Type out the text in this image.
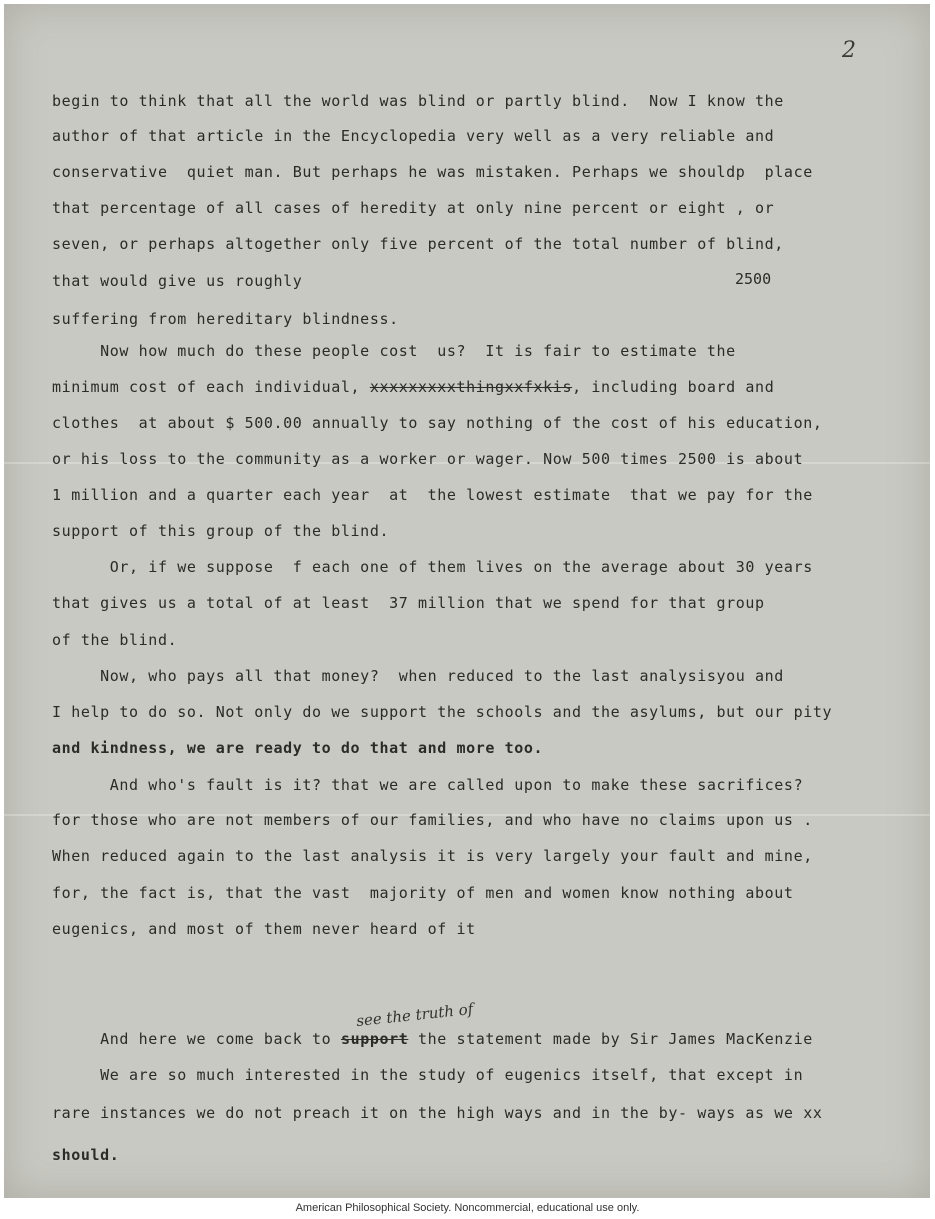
2
begin to think that all the world was blind or partly blind.  Now I know the
author of that article in the Encyclopedia very well as a very reliable and
conservative  quiet man. But perhaps he was mistaken. Perhaps we shouldp  place
that percentage of all cases of heredity at only nine percent or eight , or
seven, or perhaps altogether only five percent of the total number of blind,
that would give us roughly	2500
suffering from hereditary blindness.
Now how much do these people cost  us?  It is fair to estimate the
minimum cost of each individual, xxxxxxxxxthingxxfxkis, including board and
clothes  at about $ 500.00 annually to say nothing of the cost of his education,
or his loss to the community as a worker or wager. Now 500 times 2500 is about
1 million and a quarter each year  at  the lowest estimate  that we pay for the
support of this group of the blind.
Or, if we suppose  f each one of them lives on the average about 30 years
that gives us a total of at least  37 million that we spend for that group
of the blind.
Now, who pays all that money?  when reduced to the last analysisyou and
I help to do so. Not only do we support the schools and the asylums, but our pity
and kindness, we are ready to do that and more too.
And who's fault is it? that we are called upon to make these sacrifices?
for those who are not members of our families, and who have no claims upon us .
When reduced again to the last analysis it is very largely your fault and mine,
for, the fact is, that the vast  majority of men and women know nothing about
eugenics, and most of them never heard of it
see the truth of
And here we come back to support the statement made by Sir James MacKenzie
We are so much interested in the study of eugenics itself, that except in
rare instances we do not preach it on the high ways and in the by- ways as we xx
should.
American Philosophical Society. Noncommercial, educational use only.
